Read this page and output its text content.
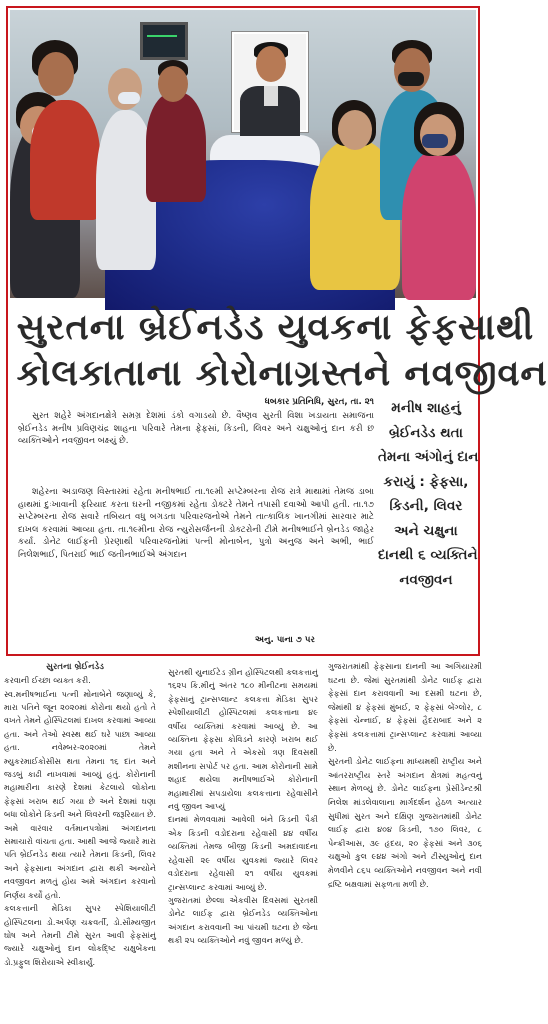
સુરતના બ્રેઈનડેડ યુવકના ફેફસાથી
કોલકાતાના કોરોનાગ્રસ્તને નવજીવન
ધબકાર પ્રતિનિધિ, સુરત, તા. ૨૧
સુરત શહેરે અંગદાનક્ષેત્રે સમગ્ર દેશમાં ડંકો વગાડયો છે. વૈષ્ણવ સુરતી વિશા ખડાયતા સમાજના બ્રેઈનડેડ મનીષ પ્રવિણચંદ્ર શાહના પરિવારે તેમના ફેફસાં, કિડની, લિવર અને ચક્ષુઓનું દાન કરી છ વ્યક્તિઓને નવજીવન બક્ષ્યું છે.
શહેરના અડાજણ વિસ્તારમાં રહેતા મનીષભાઈ તા.૧૯મી સપ્ટેમ્બરના રોજ રાત્રે માથામાં તેમજ ડાબા હાથમાં દુઃખાવાની ફરિયાદ કરતા ઘરની નજીકમાં રહેતા ડોક્ટરે તેમને તપાસી દવાઓ આપી હતી. તા.૧૭ સપ્ટેમ્બરના રોજ સવારે તબિયત વધુ બગડતા પરિવારજનોએ તેમને તાત્કાલિક ખાનગીમાં સારવાર માટે દાખલ કરવામાં આવ્યા હતા. તા.૧૯મીના રોજ ન્યુરોસર્જનની ડોક્ટરોની ટીમે મનીષભાઈને બ્રેનડેડ જાહેર કર્યા. ડોનેટ લાઈફની પ્રેરણાથી પરિવારજનોમાં પત્ની મોનાબેન, પુત્રો અનુજ અને અભી, ભાઈ નિલેશભાઈ, પિતરાઈ ભાઈ જતીનભાઈએ અંગદાન
અનુ. પાના ૭ પર
મનીષ શાહનું
બ્રેઈનડેડ થતા
તેમના અંગોનું દાન
કરાયું : ફેફસા,
કિડની, લિવર
અને ચક્ષુના
દાનથી ૬ વ્યક્તિને
નવજીવન
સુરતના બ્રેઈનડેડ

કરવાની ઈચ્છા વ્યક્ત કરી.
સ્વ.મનીષભાઈના પત્ની મોનાબેને જણાવ્યું કે, મારા પતિને જૂન ૨૦૨૦માં કોરોના થયો હતો તે વખતે તેમને હોસ્પિટલમાં દાખલ કરવામાં આવ્યા હતા. અને તેઓ સ્વસ્થ થઈ ઘરે પાછા આવ્યા હતા. નવેમ્બર-૨૦૨૦માં તેમને મ્યુકરમાઈકોસીસ થતા તેમના ૧૬ દાંત અને જડબું કાઢી નાખવામાં આવ્યું હતું. કોરોનાની મહામારીના કારણે દેશમાં કેટલાયે લોકોના ફેફસાં ખરાબ થઈ ગયા છે અને દેશમાં ઘણા બધા લોકોને કિડની અને લિવરની જરૂરિયાત છે. અમે વારંવાર વર્તમાનપત્રોમાં અંગદાનના સમાચારો વાંચતા હતા. આથી આજે જ્યારે મારા પતિ બ્રેઈનડેડ થયા ત્યારે તેમના કિડની, લિવર અને ફેફસાના અંગદાન દ્વારા થકી અન્યોને નવજીવન મળતું હોય અમે અંગદાન કરવાનો નિર્ણય કર્યો હતો.
કલકત્તાની મેડિકા સુપર સ્પેશિયાલીટી હોસ્પિટલના ડો.અર્પણ ચક્રવર્તી, ડો.સૌમ્યજીત ઘોષ અને તેમની ટીમે સુરત આવી ફેફસાંનું જ્યારે ચક્ષુઓનું દાન લોકદ્ષ્ટિ ચક્ષુબેંકના ડો.પ્રફુલ શિરોયાએ સ્વીકાર્યું.

સુરતથી યુનાઈટેડ ગ્રીન હોસ્પિટલથી કલકત્તાનું ૧૬૨૫ કિ.મીનું અંતર ૧૮૦ મીનીટના સમયમાં ફેફસાનું ટ્રાન્સપ્લાન્ટ કલકત્તા મેડિકા સુપર સ્પેશીયાલીટી હોસ્પિટલમાં કલકત્તાના ૪૯ વર્ષીય વ્યક્તિમાં કરવામાં આવ્યું છે. આ વ્યક્તિના ફેફસા કોવિડને કારણે ખરાબ થઈ ગયા હતા અને તે એકસો ત્રણ દિવસથી મશીનના સપોર્ટ પર હતા. આમ કોરોનાની સામે શહાદ થયેલા મનીષભાઈએ કોરોનાની મહામારીમાં સપડાયેલા કલકત્તાના રહેવાસીને નવું જીવન આપ્યું
દાનમાં મેળવવામાં આવેલી બંને કિડની પૈકી એક કિડની વડોદરાના રહેવાસી ૪૪ વર્ષીય વ્યક્તિમાં તેમજ બીજી કિડની અમદાવાદના રહેવાસી ૨૯ વર્ષીય યુવકમાં જ્યારે લિવર વડોદરાના રહેવાસી ૨૧ વર્ષીય યુવકમાં ટ્રાન્સપ્લાન્ટ કરવામાં આવ્યું છે.
ગુજરાતમાં છેલ્લા એકવીસ દિવસમાં સુરતથી ડોનેટ લાઈફ દ્વારા બ્રેઈનડેડ વ્યક્તિઓના અંગદાન કરાવવાની આ પાંચમી ઘટના છે જેના થકી ૨૫ વ્યક્તિઓને નવું જીવન મળ્યું છે.

ગુજરાતમાંથી ફેફસાના દાનની આ અગિયારમી ઘટના છે. જેમાં સુરતમાંથી ડોનેટ લાઈફ દ્વારા ફેફસાં દાન કરાવવાની આ દસમી ઘટના છે, જેમાંથી ૪ ફેફસાં મુંબઈ, ૨ ફેફસાં બેંગ્લોર, ૮ ફેફસાં ચેન્નાઈ, ૪ ફેફસાં હૈદરાબાદ અને ૨ ફેફસાં કલકત્તામાં ટ્રાન્સપ્લાન્ટ કરવામાં આવ્યા છે.
સુરતની ડોનેટ લાઈફના માધ્યમથી રાષ્ટ્રીય અને આંતરરાષ્ટ્રીય સ્તરે અંગદાન ક્ષેત્રમાં મહત્વનું સ્થાન મેળવ્યું છે. ડોનેટ લાઈફના પ્રેસીડેન્ટશ્રી નિલેશ માંડલેવાલાના માર્ગદર્શન હેઠળ અત્યાર સુધીમાં સુરત અને દક્ષિણ ગુજરાતમાંથી ડોનેટ લાઈફ દ્વારા ૪૦૪ કિડની, ૧૭૦ લિવર, ૮ પેન્ક્રીઆસ, ૩૯ હૃદય, ૨૦ ફેફસાં અને ૩૦૬ ચક્ષુઓ કુલ ૯૪૪ અંગો અને ટીસ્યુઓનું દાન મેળવીને ૮૬૫ વ્યક્તિઓને નવજીવન અને નવી દ્રષ્ટિ બક્ષવામાં સફળતા મળી છે.
